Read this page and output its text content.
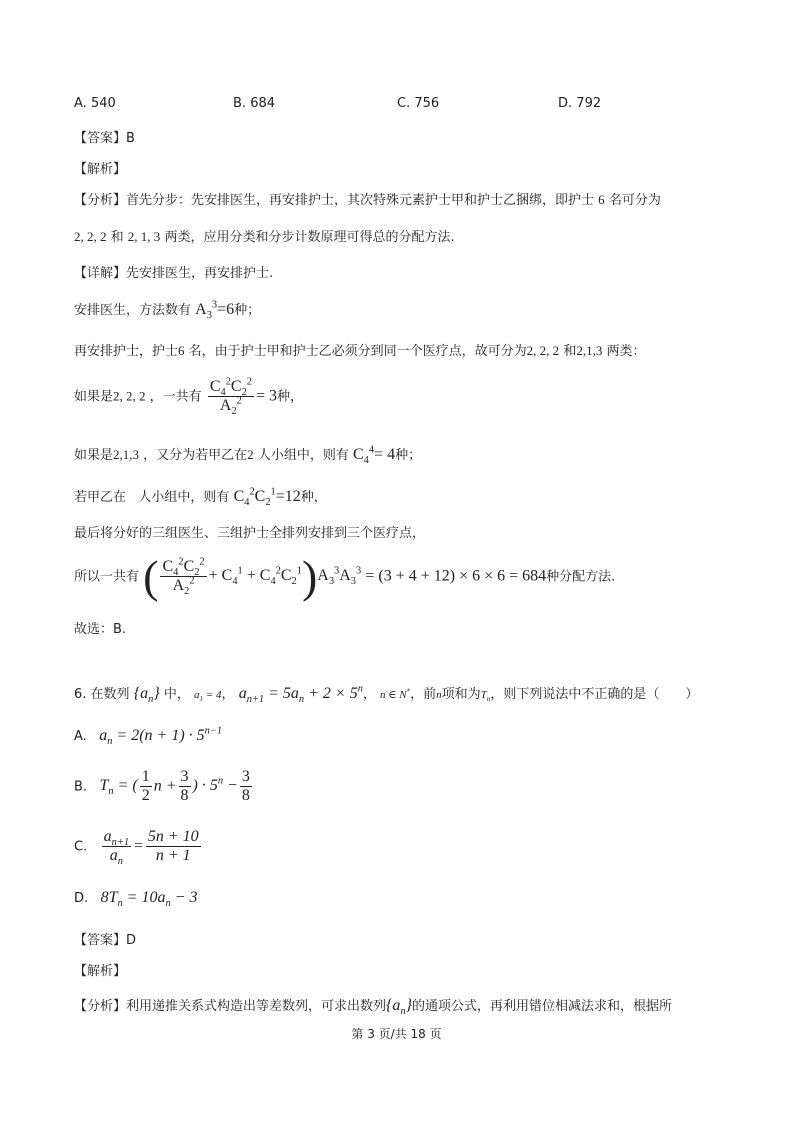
A. 540	B. 684	C. 756	D. 792
【答案】B
【解析】
【分析】首先分步：先安排医生，再安排护士，其次特殊元素护士甲和护士乙捆绑，即护士 6 名可分为
2, 2, 2 和 2, 1, 3 两类，应用分类和分步计数原理可得总的分配方法.
【详解】先安排医生，再安排护士.
安排医生，方法数有 $A_3^3=6$种；
再安排护士，护士6 名，由于护士甲和护士乙必须分到同一个医疗点，故可分为2, 2, 2 和2,1,3 两类：
如果是2, 2, 2 ，一共有 $\frac{C_4^2C_2^2}{A_2^2} = 3$种，
如果是2,1,3 ，又分为若甲乙在2 人小组中，则有 $C_4^4= 4$种；
若甲乙在 人小组中，则有 $C_4^2C_2^1=12$种，
最后将分好的三组医生、三组护士全排列安排到三个医疗点，
所以一共有 ( $\frac{C_4^2C_2^2}{A_2^2} + C_4^1 + C_4^2C_2^1)A_3^3A_3^3 = (3 + 4 + 12) \times 6 \times 6 = 684$种分配方法.
故选：B.
6. 在数列 $\{a_n\}$ 中， $a_1 = 4$， $a_{n+1} = 5a_n + 2 \times 5^n$， n ∈ N*，前n项和为$T_n$，则下列说法中不正确的是（　　）
A. $a_n = 2(n + 1) \cdot 5^{n-1}$
B. $T_n$ = ( $\frac{1}{2}$ $n + \frac{3}{8}$ ) · $5^n - \frac{3}{8}$
C. $\frac{a_{n+1}}{a_n} = \frac{5n + 10}{n + 1}$
D. $8T_n = 10a_n - 3$
【答案】D
【解析】
【分析】利用递推关系式构造出等差数列，可求出数列$\{a_n\}$的通项公式，再利用错位相减法求和，根据所
第 3 页/共 18 页
